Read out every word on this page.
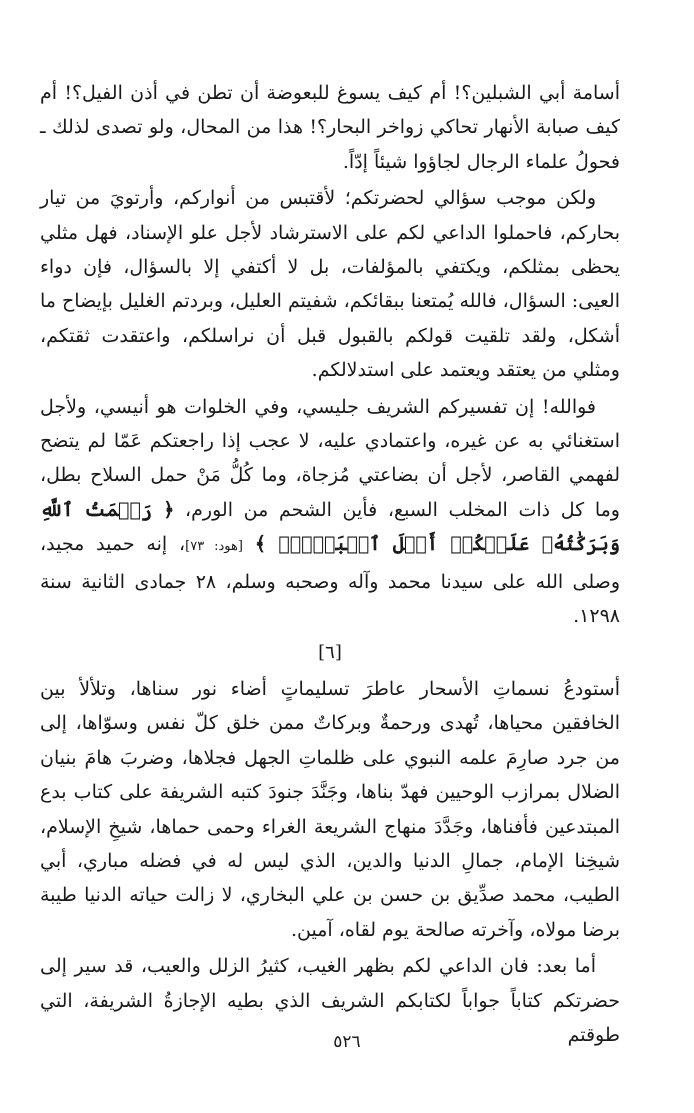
أسامة أبي الشبلين؟! أم كيف يسوغ للبعوضة أن تطن في أذن الفيل؟! أم كيف صبابة الأنهار تحاكي زواخر البحار؟! هذا من المحال، ولو تصدى لذلك ـ فحولُ علماء الرجال لجاؤوا شيئاً إدّاً.

ولكن موجب سؤالي لحضرتكم؛ لأقتبس من أنواركم، وأرتويَ من تيار بحاركم، فاحملوا الداعي لكم على الاسترشاد لأجل علو الإسناد، فهل مثلي يحظى بمثلكم، ويكتفي بالمؤلفات، بل لا أكتفي إلا بالسؤال، فإن دواء العيى: السؤال، فالله يُمتعنا ببقائكم، شفيتم العليل، وبردتم الغليل بإيضاح ما أشكل، ولقد تلقيت قولكم بالقبول قبل أن نراسلكم، واعتقدت ثقتكم، ومثلي من يعتقد ويعتمد على استدلالكم.

فوالله! إن تفسيركم الشريف جليسي، وفي الخلوات هو أنيسي، ولأجل استغنائي به عن غيره، واعتمادي عليه، لا عجب إذا راجعتكم عَمّا لم يتضح لفهمي القاصر، لأجل أن بضاعتي مُزجاة، وما كُلُّ مَنْ حمل السلاح بطل، وما كل ذات المخلب السبع، فأين الشحم من الورم، ﴿ رَحۡمَتُ ٱللَّهِ وَبَرَكَٰتُهُۥ عَلَيۡكُمۡ أَهۡلَ ٱلۡبَيۡتِۚ ﴾ [هود: ٧٣]، إنه حميد مجيد، وصلى الله على سيدنا محمد وآله وصحبه وسلم، ٢٨ جمادى الثانية سنة ١٢٩٨.

[٦]

أستودعُ نسماتِ الأسحار عاطرَ تسليماتٍ أضاء نور سناها، وتلألأ بين الخافقين محياها، تُهدى ورحمةٌ وبركاتٌ ممن خلق كلّ نفس وسوّاها، إلى من جرد صارِمَ علمه النبوي على ظلماتِ الجهل فجلاها، وضربَ هامَ بنيان الضلال بمرازب الوحيين فهدّ بناها، وجَنَّدَ جنودَ كتبه الشريفة على كتاب بدع المبتدعين فأفناها، وجَدَّدَ منهاج الشريعة الغراء وحمى حماها، شيخِ الإسلام، شيخِنا الإمام، جمالِ الدنيا والدين، الذي ليس له في فضله مباري، أبي الطيب، محمد صدِّيق بن حسن بن علي البخاري، لا زالت حياته الدنيا طيبة برضا مولاه، وآخرته صالحة يوم لقاه، آمين.

أما بعد: فان الداعي لكم بظهر الغيب، كثيرُ الزلل والعيب، قد سير إلى حضرتكم كتاباً جواباً لكتابكم الشريف الذي بطيه الإجازةُ الشريفة، التي طوقتم

٥٢٦
